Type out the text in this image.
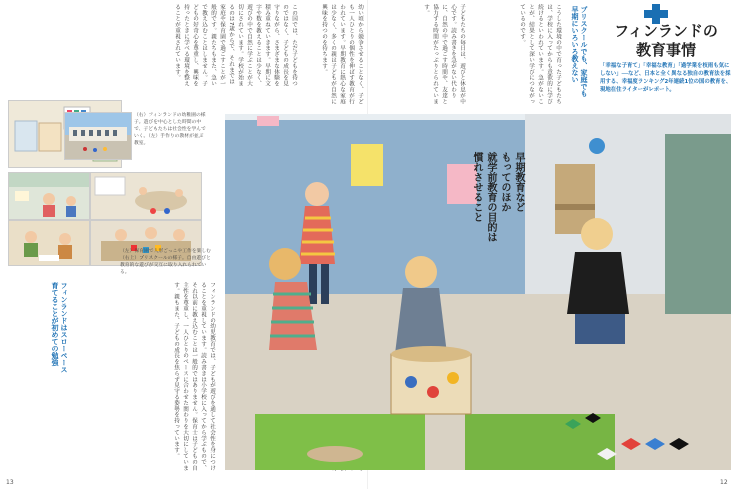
この国では、ただ子どもを待つのではなく、子どもの成長を見守りながら、さまざまな体験を積み重ねていきます。早期に文字や数を教えることは少なく、遊びの中で自然に学ぶことが大切にされています。学校が始まるのは7歳からで、それまでは家庭や保育園で過ごすことが一般的です。親たちもまた、急いで教え込むことはしません。子どもの好奇心を尊重し、興味を持ったときに学べる環境を整えることが重視されています。
（右）フィンランドの幼稚園の様子。遊びを中心とした時間の中で、子どもたちは社会性を学んでいく。（左）手作りの教材が並ぶ教室。
（左）保育園で人形ごっこや工作を楽しむ（右上）プリスクールの様子。自由遊びと教育的な遊びが交互に取り入れられている。
フィンランドはスローペース
育てることが初めての勉強	フィンランドの幼児教育では、子どもが遊びを通して社会性を身につけることを重視しています。読み書きは小学校に入ってから学ぶもので、それ以前に教え込むことは一般的ではありません。保育士は子どもの自主性を尊重し、一人ひとりのペースに合わせた関わりを大切にしています。親もまた、子どもの成長を焦らず見守る姿勢を持っています。
幼い頃から競争させることなく、子ども一人ひとりの個性を伸ばす教育が行われています。早期教育に熱心な家庭は少なく、多くの親は子どもが自然に興味を持つのを待ちます。
13
子どもたちの毎日は、遊びと休息が中心です。読み書きを急がない代わりに、自然の中で過ごす時間や、友達と協力する時間がたっぷりとられています。	こうした環境の中で育った子どもたちは、学校に入ってからも意欲的に学び続けるといわれています。急がないことが、結果として深い学びにつながっているのです。	プリスクールでも、家庭でも
早期にいろいろ教えない	フィンランドの
教育事情
「幸福な子育て」「幸福な教育」「過学業を枝雨も気にしない」──など、日本と全く異なる独自の教育法を採用する、幸福度ランキング2年連続1位の国の教育を、現地在住ライターがレポート。
早期教育など
もってのほか
就学前教育の目的は
慣れさせること
12
